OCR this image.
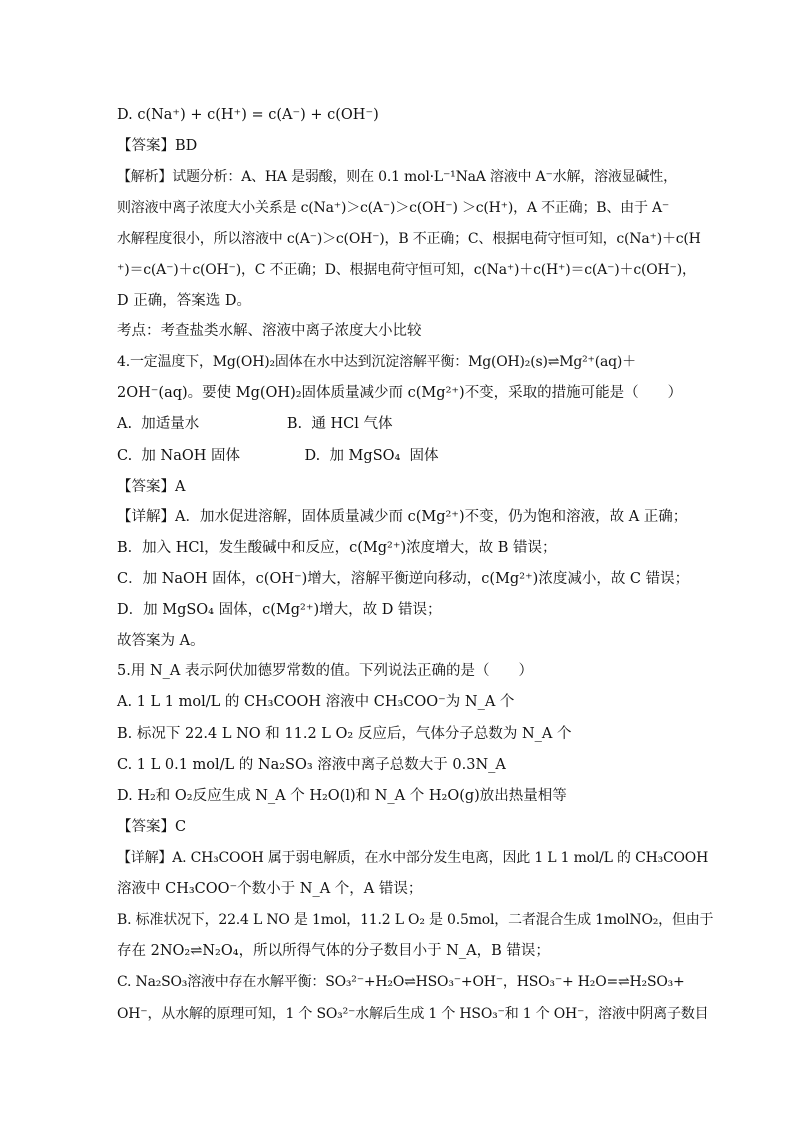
D. c(Na⁺) + c(H⁺) = c(A⁻) + c(OH⁻)
【答案】BD
【解析】试题分析：A、HA 是弱酸，则在 0.1 mol·L⁻¹NaA 溶液中 A⁻水解，溶液显碱性，
则溶液中离子浓度大小关系是 c(Na⁺)＞c(A⁻)＞c(OH⁻) ＞c(H⁺)，A 不正确；B、由于 A⁻
水解程度很小，所以溶液中 c(A⁻)＞c(OH⁻)，B 不正确；C、根据电荷守恒可知，c(Na⁺)＋c(H
⁺)＝c(A⁻)＋c(OH⁻)，C 不正确；D、根据电荷守恒可知，c(Na⁺)＋c(H⁺)＝c(A⁻)＋c(OH⁻)，
D 正确，答案选 D。
考点：考查盐类水解、溶液中离子浓度大小比较
4.一定温度下，Mg(OH)₂固体在水中达到沉淀溶解平衡：Mg(OH)₂(s)⇌Mg²⁺(aq)＋
2OH⁻(aq)。要使 Mg(OH)₂固体质量减少而 c(Mg²⁺)不变，采取的措施可能是（　　）
A.  加适量水                   B.  通 HCl 气体
C.  加 NaOH 固体              D.  加 MgSO₄  固体
【答案】A
【详解】A．加水促进溶解，固体质量减少而 c(Mg²⁺)不变，仍为饱和溶液，故 A 正确；
B．加入 HCl，发生酸碱中和反应，c(Mg²⁺)浓度增大，故 B 错误；
C．加 NaOH 固体，c(OH⁻)增大，溶解平衡逆向移动，c(Mg²⁺)浓度减小，故 C 错误；
D．加 MgSO₄ 固体，c(Mg²⁺)增大，故 D 错误；
故答案为 A。
5.用 N_A 表示阿伏加德罗常数的值。下列说法正确的是（　　）
A. 1 L 1 mol/L 的 CH₃COOH 溶液中 CH₃COO⁻为 N_A 个
B. 标况下 22.4 L NO 和 11.2 L O₂ 反应后，气体分子总数为 N_A 个
C. 1 L 0.1 mol/L 的 Na₂SO₃ 溶液中离子总数大于 0.3N_A
D. H₂和 O₂反应生成 N_A 个 H₂O(l)和 N_A 个 H₂O(g)放出热量相等
【答案】C
【详解】A. CH₃COOH 属于弱电解质，在水中部分发生电离，因此 1 L 1 mol/L 的 CH₃COOH
溶液中 CH₃COO⁻个数小于 N_A 个，A 错误；
B. 标准状况下，22.4 L NO 是 1mol，11.2 L O₂ 是 0.5mol，二者混合生成 1molNO₂，但由于
存在 2NO₂⇌N₂O₄，所以所得气体的分子数目小于 N_A，B 错误；
C. Na₂SO₃溶液中存在水解平衡：SO₃²⁻+H₂O⇌HSO₃⁻+OH⁻，HSO₃⁻+ H₂O=⇌H₂SO₃+
OH⁻，从水解的原理可知，1 个 SO₃²⁻水解后生成 1 个 HSO₃⁻和 1 个 OH⁻，溶液中阴离子数目
